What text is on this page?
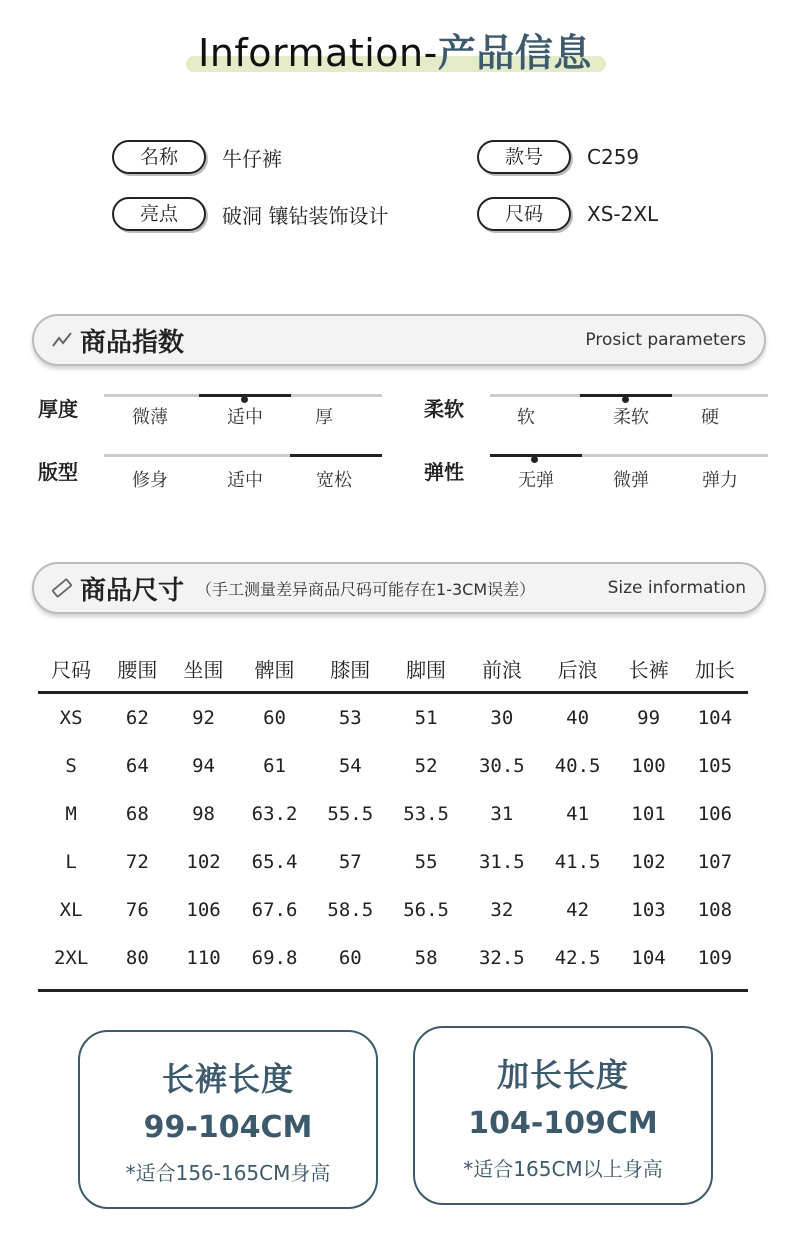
Information-产品信息
名称	牛仔裤	款号	C259
亮点	破洞 镶钻装饰设计	尺码	XS-2XL
商品指数	Prosict parameters
厚度	微薄	适中	厚	柔软	软	柔软	硬
版型	修身	适中	宽松	弹性	无弹	微弹	弹力
商品尺寸 （手工测量差异商品尺码可能存在1-3CM误差）	Size information
尺码	腰围	坐围	髀围	膝围	脚围	前浪	后浪	长裤	加长
XS	62	92	60	53	51	30	40	99	104
S	64	94	61	54	52	30.5	40.5	100	105
M	68	98	63.2	55.5	53.5	31	41	101	106
L	72	102	65.4	57	55	31.5	41.5	102	107
XL	76	106	67.6	58.5	56.5	32	42	103	108
2XL	80	110	69.8	60	58	32.5	42.5	104	109
长裤长度
99-104CM
*适合156-165CM身高
加长长度
104-109CM
*适合165CM以上身高
